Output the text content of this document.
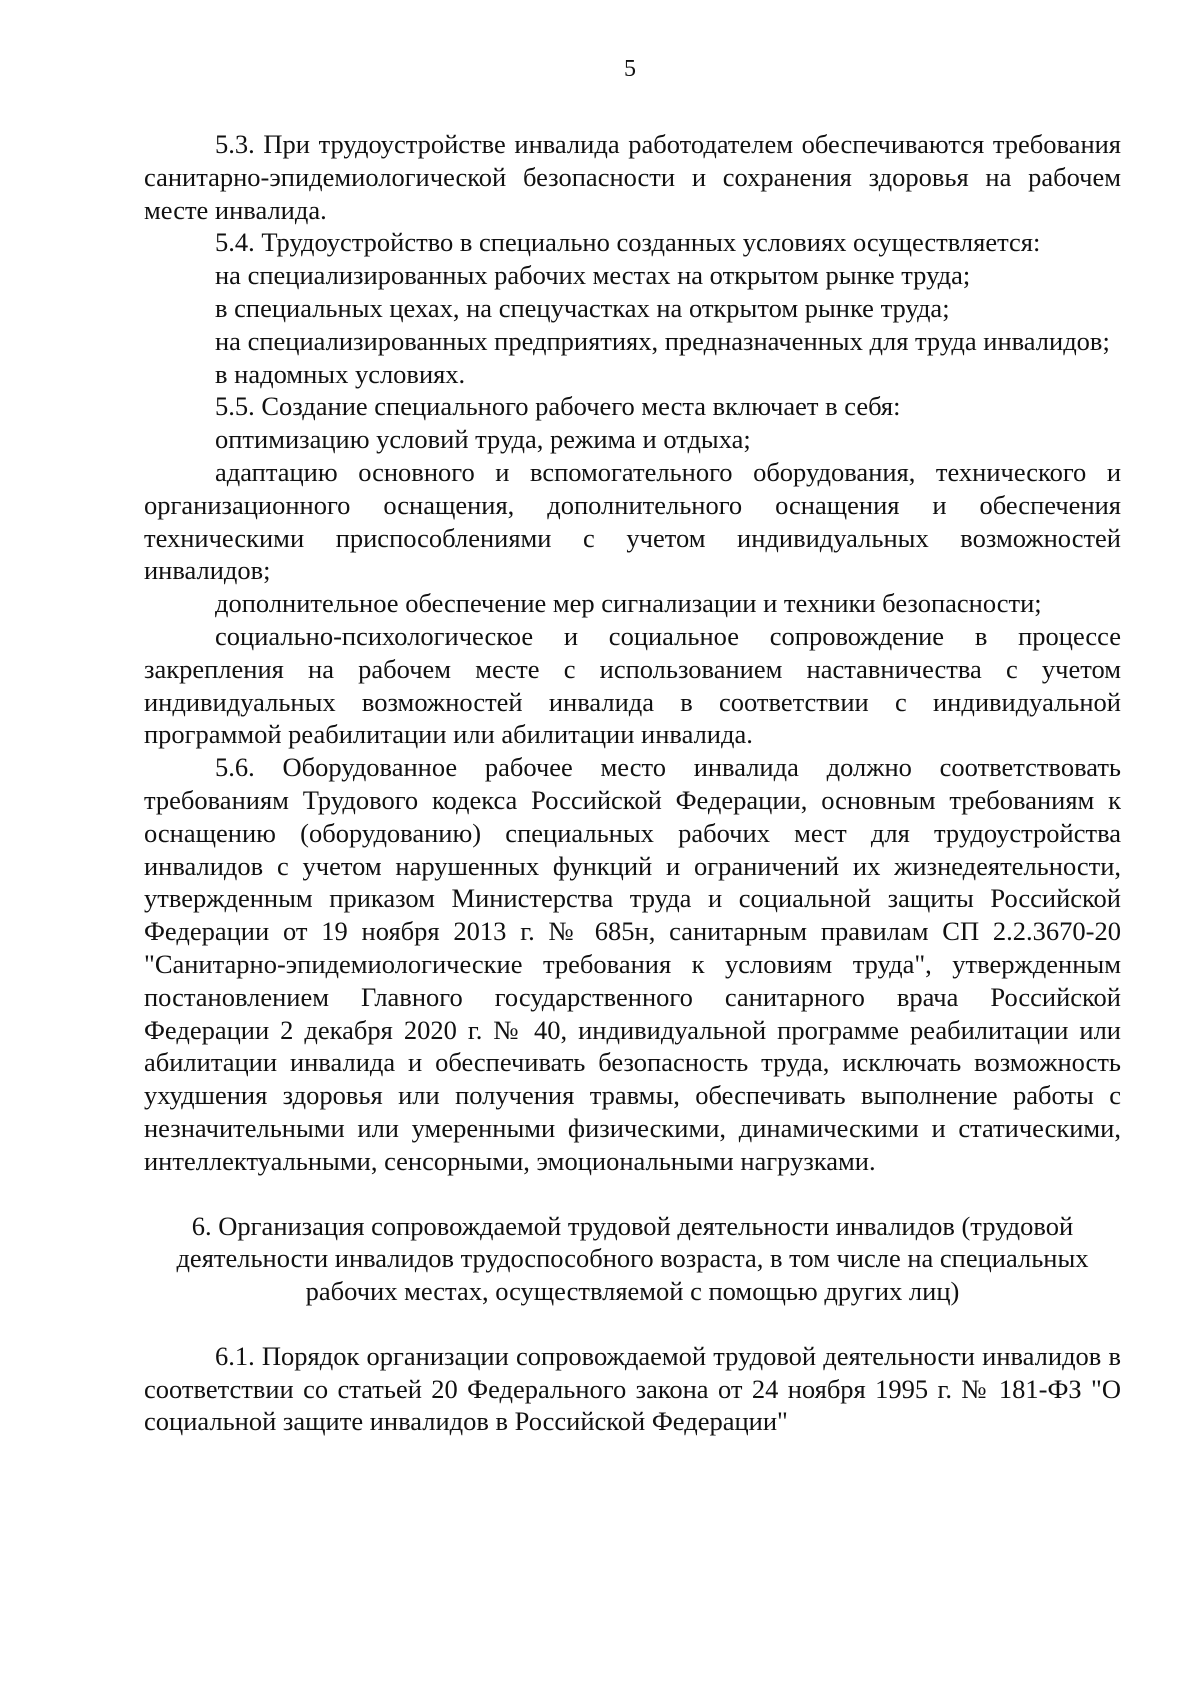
5

5.3. При трудоустройстве инвалида работодателем обеспечиваются требования санитарно-эпидемиологической безопасности и сохранения здоровья на рабочем месте инвалида.

5.4. Трудоустройство в специально созданных условиях осуществляется:

на специализированных рабочих местах на открытом рынке труда;

в специальных цехах, на спецучастках на открытом рынке труда;

на специализированных предприятиях, предназначенных для труда инвалидов;

в надомных условиях.

5.5. Создание специального рабочего места включает в себя:

оптимизацию условий труда, режима и отдыха;

адаптацию основного и вспомогательного оборудования, технического и организационного оснащения, дополнительного оснащения и обеспечения техническими приспособлениями с учетом индивидуальных возможностей инвалидов;

дополнительное обеспечение мер сигнализации и техники безопасности;

социально-психологическое и социальное сопровождение в процессе закрепления на рабочем месте с использованием наставничества с учетом индивидуальных возможностей инвалида в соответствии с индивидуальной программой реабилитации или абилитации инвалида.

5.6. Оборудованное рабочее место инвалида должно соответствовать требованиям Трудового кодекса Российской Федерации, основным требованиям к оснащению (оборудованию) специальных рабочих мест для трудоустройства инвалидов с учетом нарушенных функций и ограничений их жизнедеятельности, утвержденным приказом Министерства труда и социальной защиты Российской Федерации от 19 ноября 2013 г. № 685н, санитарным правилам СП 2.2.3670-20 "Санитарно-эпидемиологические требования к условиям труда", утвержденным постановлением Главного государственного санитарного врача Российской Федерации 2 декабря 2020 г. № 40, индивидуальной программе реабилитации или абилитации инвалида и обеспечивать безопасность труда, исключать возможность ухудшения здоровья или получения травмы, обеспечивать выполнение работы с незначительными или умеренными физическими, динамическими и статическими, интеллектуальными, сенсорными, эмоциональными нагрузками.

6. Организация сопровождаемой трудовой деятельности инвалидов (трудовой деятельности инвалидов трудоспособного возраста, в том числе на специальных рабочих местах, осуществляемой с помощью других лиц)

6.1. Порядок организации сопровождаемой трудовой деятельности инвалидов в соответствии со статьей 20 Федерального закона от 24 ноября 1995 г. № 181-ФЗ "О социальной защите инвалидов в Российской Федерации"
